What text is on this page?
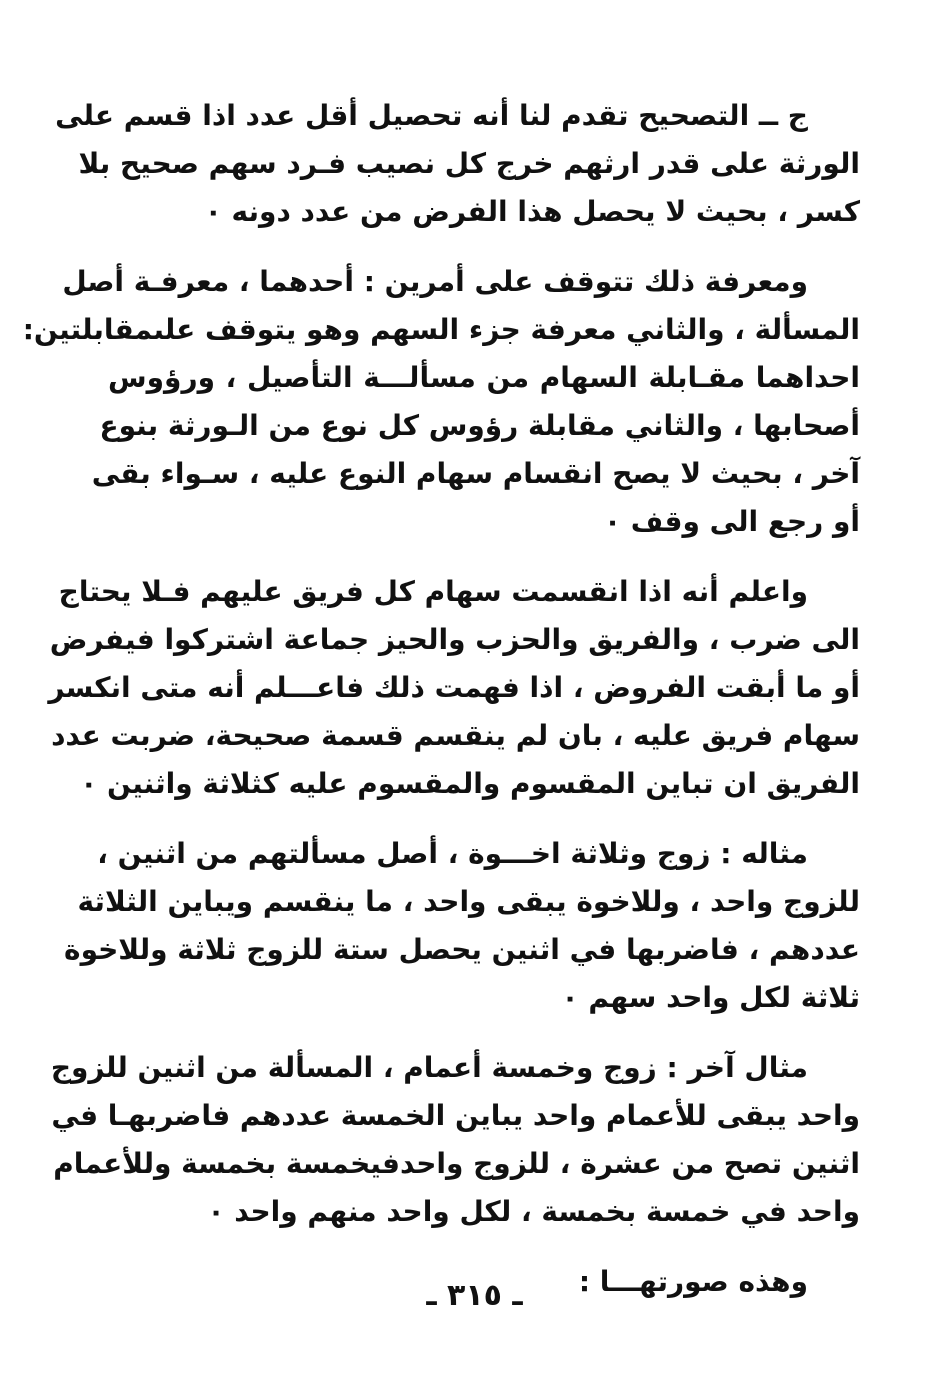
ج ــ التصحيح تقدم لنا أنه تحصيل أقل عدد اذا قسم على
الورثة على قدر ارثهم خرج كل نصيب فـرد سهم صحيح بلا
كسر ، بحيث لا يحصل هذا الفرض من عدد دونه ٠
ومعرفة ذلك تتوقف على أمرين : أحدهما ، معرفـة أصل
المسألة ، والثاني معرفة جزء السهم وهو يتوقف علىمقابلتين:
احداهما مقـابلة السهام من مسألـــة التأصيل ، ورؤوس
أصحابها ، والثاني مقابلة رؤوس كل نوع من الـورثة بنوع
آخر ، بحيث لا يصح انقسام سهام النوع عليه ، سـواء بقى
أو رجع الى وقف ٠
واعلم أنه اذا انقسمت سهام كل فريق عليهم فـلا يحتاج
الى ضرب ، والفريق والحزب والحيز جماعة اشتركوا فيفرض
أو ما أبقت الفروض ، اذا فهمت ذلك فاعـــلم أنه متى انكسر
سهام فريق عليه ، بان لم ينقسم قسمة صحيحة، ضربت عدد
الفريق ان تباين المقسوم والمقسوم عليه كثلاثة واثنين ٠
مثاله : زوج وثلاثة اخـــوة ، أصل مسألتهم من اثنين ،
للزوج واحد ، وللاخوة يبقى واحد ، ما ينقسم ويباين الثلاثة
عددهم ، فاضربها في اثنين يحصل ستة للزوج ثلاثة وللاخوة
ثلاثة لكل واحد سهم ٠
مثال آخر : زوج وخمسة أعمام ، المسألة من اثنين للزوج
واحد يبقى للأعمام واحد يباين الخمسة عددهم فاضربهـا في
اثنين تصح من عشرة ، للزوج واحدفيخمسة بخمسة وللأعمام
واحد في خمسة بخمسة ، لكل واحد منهم واحد ٠
وهذه صورتهـــا :
ـ ٣١٥ ـ
